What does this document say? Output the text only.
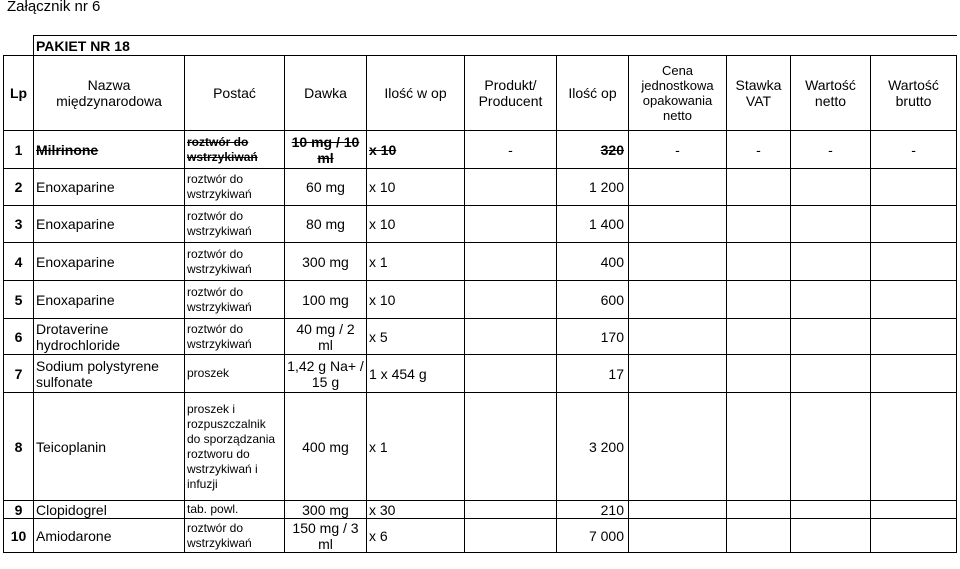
Załącznik nr 6
	PAKIET NR 18									
Lp	Nazwa międzynarodowa	Postać	Dawka	Ilość w op	Produkt/ Producent	Ilość op	Cena jednostkowa opakowania netto	Stawka VAT	Wartość netto	Wartość brutto
1	Milrinone	roztwór do wstrzykiwań	10 mg / 10 ml	x 10	-	320	-	-	-	-
2	Enoxaparine	roztwór do wstrzykiwań	60 mg	x 10		1 200				
3	Enoxaparine	roztwór do wstrzykiwań	80 mg	x 10		1 400				
4	Enoxaparine	roztwór do wstrzykiwań	300 mg	x 1		400				
5	Enoxaparine	roztwór do wstrzykiwań	100 mg	x 10		600				
6	Drotaverine hydrochloride	roztwór do wstrzykiwań	40 mg / 2 ml	x 5		170				
7	Sodium polystyrene sulfonate	proszek	1,42 g Na+ / 15 g	1 x 454 g		17				
8	Teicoplanin	proszek i rozpuszczalnik do sporządzania roztworu do wstrzykiwań i infuzji	400 mg	x 1		3 200				
9	Clopidogrel	tab. powl.	300 mg	x 30		210				
10	Amiodarone	roztwór do wstrzykiwań	150 mg / 3 ml	x 6		7 000				
